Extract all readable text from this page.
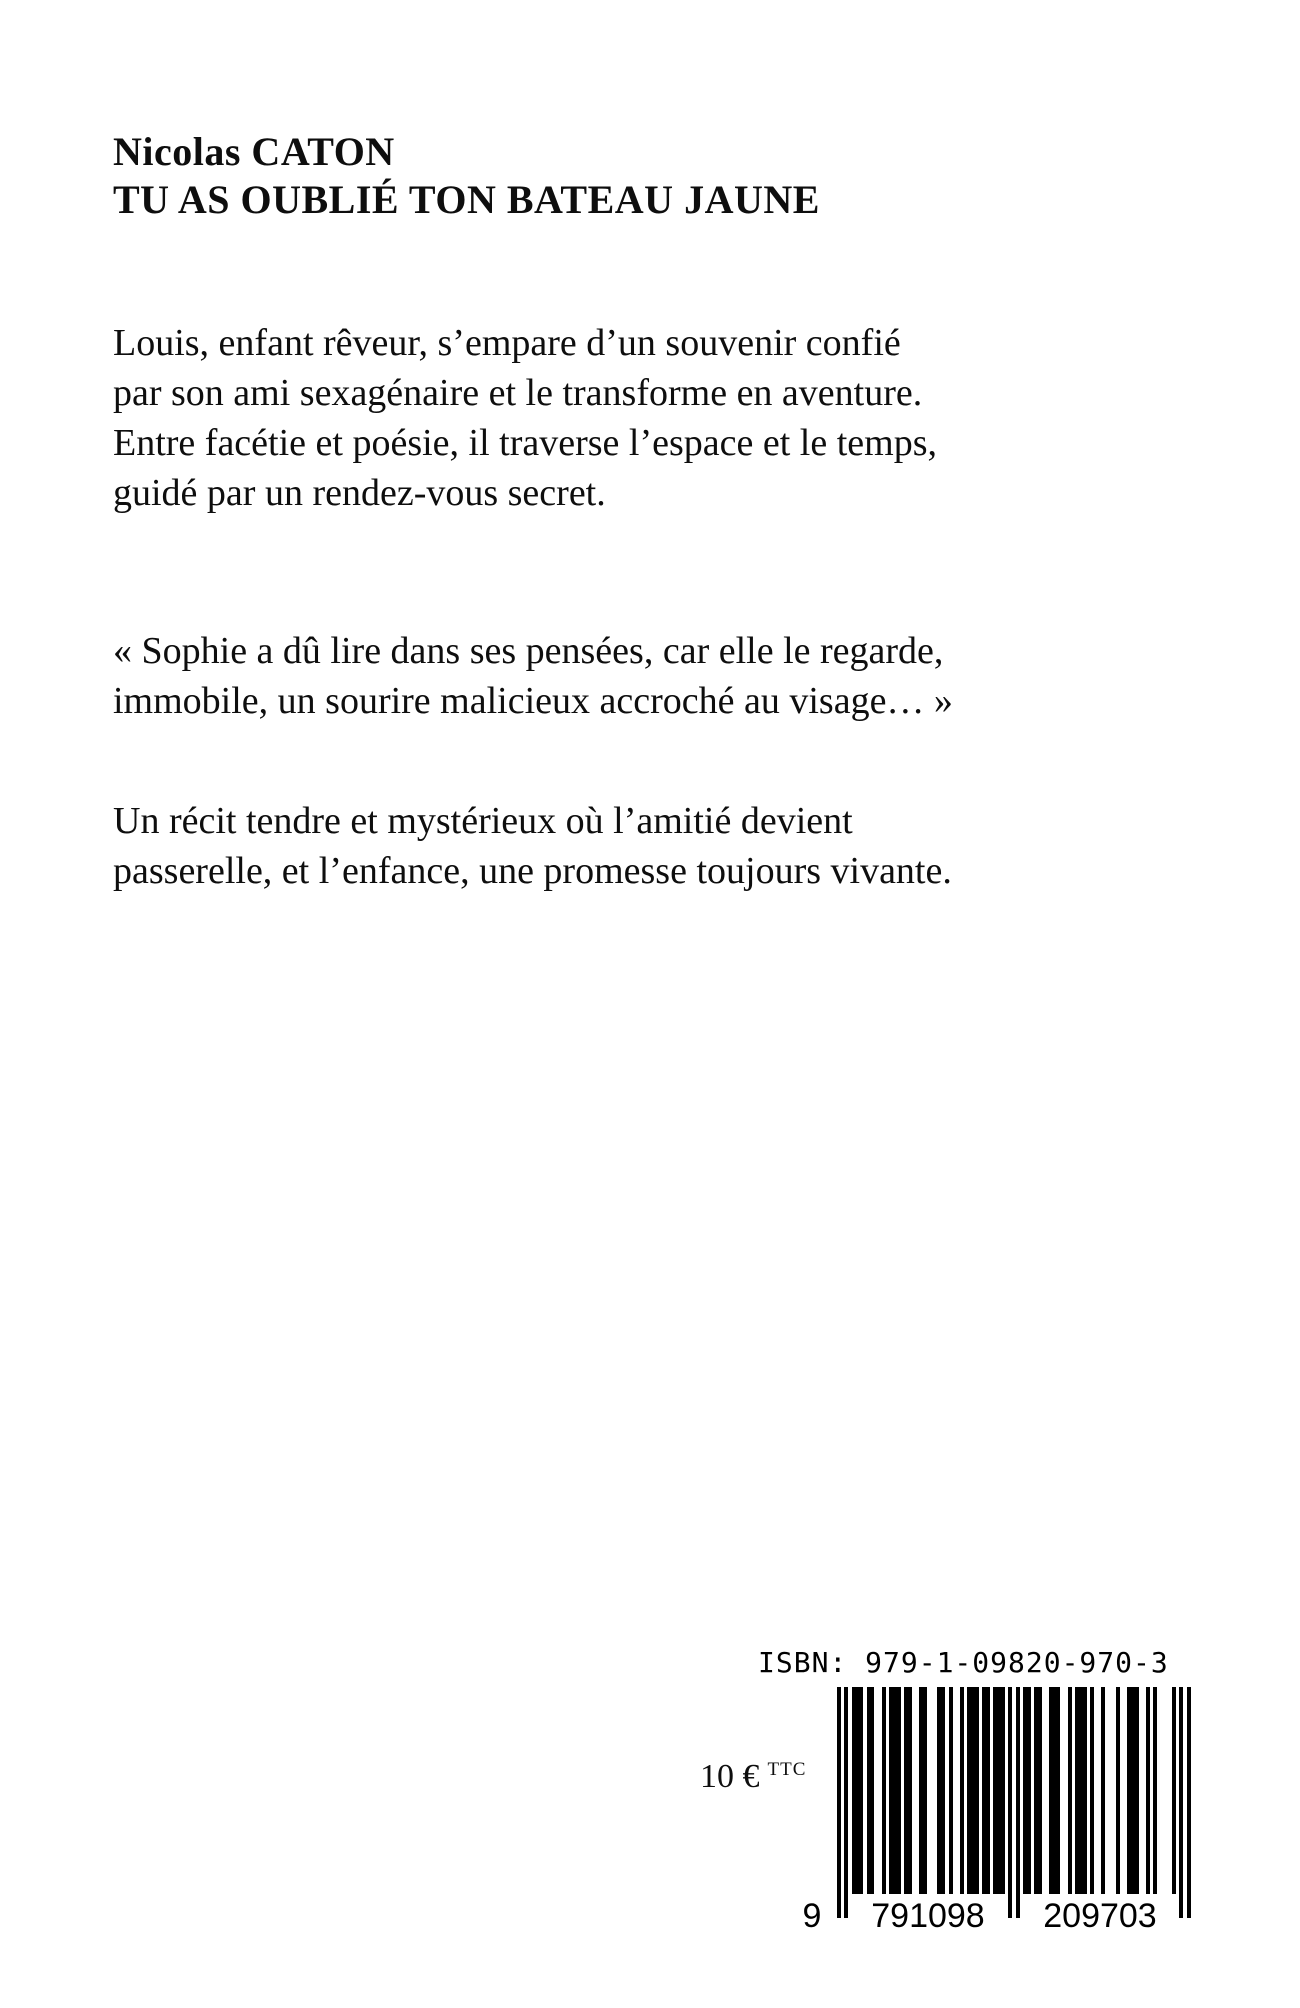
Nicolas CATON
TU AS OUBLIÉ TON BATEAU JAUNE
Louis, enfant rêveur, s’empare d’un souvenir confié
par son ami sexagénaire et le transforme en aventure.
Entre facétie et poésie, il traverse l’espace et le temps,
guidé par un rendez-vous secret.
« Sophie a dû lire dans ses pensées, car elle le regarde,
immobile, un sourire malicieux accroché au visage… »
Un récit tendre et mystérieux où l’amitié devient
passerelle, et l’enfance, une promesse toujours vivante.
10 € $^{TTC}$
ISBN: 979-1-09820-970-3
9	791098	209703
